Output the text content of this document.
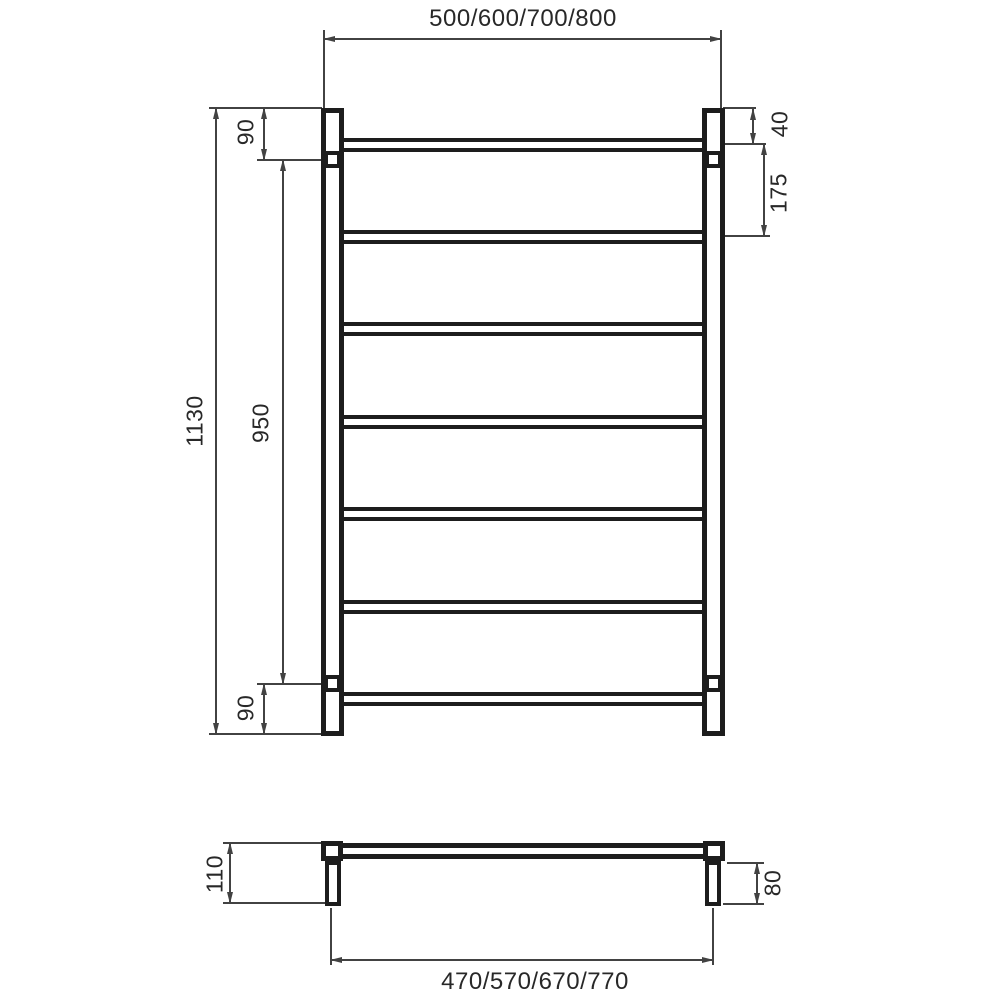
500/600/700/800
1130 950
90
90
40
175
110	80
470/570/670/770
